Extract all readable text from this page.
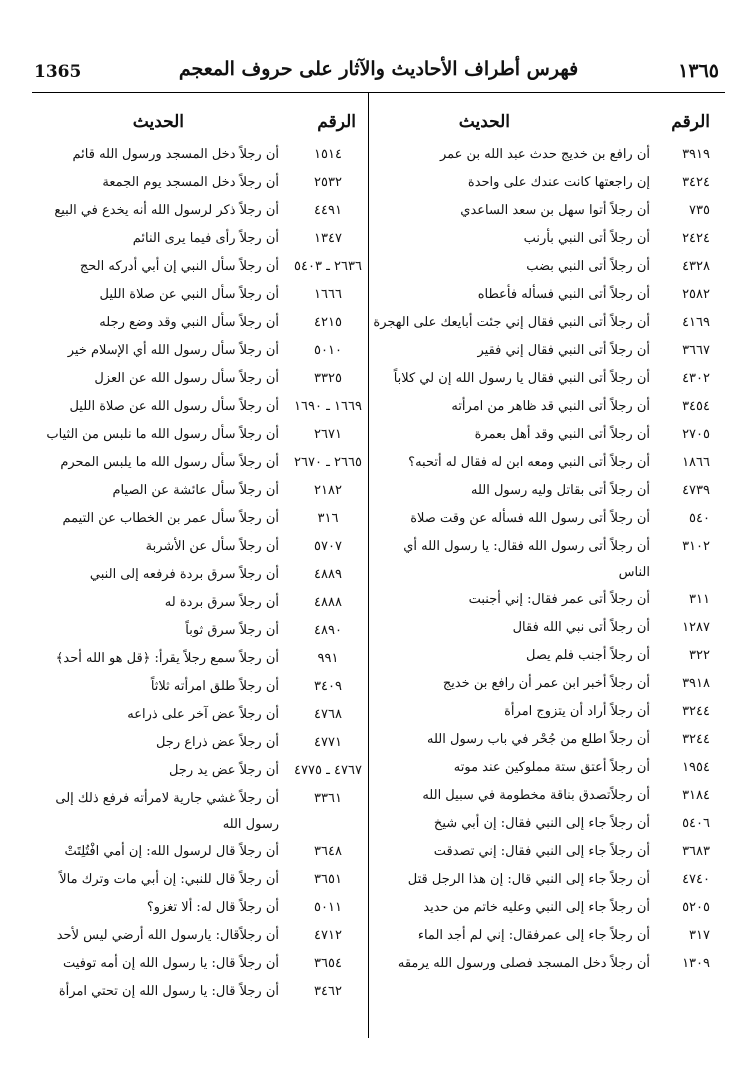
1365	فهرس أطراف الأحاديث والآثار على حروف المعجم	١٣٦٥
الرقم
الحديث
٣٩١٩
أن رافع بن خديج حدث عبد الله بن عمر
٣٤٢٤
إن راجعتها كانت عندك على واحدة
٧٣٥
أن رجلاً أتوا سهل بن سعد الساعدي
٢٤٢٤
أن رجلاً أتى النبي بأرنب
٤٣٢٨
أن رجلاً أتى النبي بضب
٢٥٨٢
أن رجلاً أتى النبي فسأله فأعطاه
٤١٦٩
أن رجلاً أتى النبي فقال إني جئت أبايعك على الهجرة
٣٦٦٧
أن رجلاً أتى النبي فقال إني فقير
٤٣٠٢
أن رجلاً أتى النبي فقال يا رسول الله إن لي كلاباً
٣٤٥٤
أن رجلاً أتى النبي قد ظاهر من امرأته
٢٧٠٥
أن رجلاً أتى النبي وقد أهل بعمرة
١٨٦٦
أن رجلاً أتى النبي ومعه ابن له فقال له أتحبه؟
٤٧٣٩
أن رجلاً أتى بقاتل وليه رسول الله
٥٤٠
أن رجلاً أتى رسول الله فسأله عن وقت صلاة
٣١٠٢
أن رجلاً أتى رسول الله فقال: يا رسول الله أي الناس
٣١١
أن رجلاً أتى عمر فقال: إني أجنبت
١٢٨٧
أن رجلاً أتى نبي الله فقال
٣٢٢
أن رجلاً أجنب فلم يصل
٣٩١٨
أن رجلاً أخبر ابن عمر أن رافع بن خديج
٣٢٤٤
أن رجلاً أراد أن يتزوج امرأة
٣٢٤٤
أن رجلاً اطلع من جُحْر في باب رسول الله
١٩٥٤
أن رجلاً أعتق ستة مملوكين عند موته
٣١٨٤
أن رجلاًتصدق بناقة مخطومة في سبيل الله
٥٤٠٦
أن رجلاً جاء إلى النبي فقال: إن أبي شيخ
٣٦٨٣
أن رجلاً جاء إلى النبي فقال: إني تصدقت
٤٧٤٠
أن رجلاً جاء إلى النبي قال: إن هذا الرجل قتل
٥٢٠٥
أن رجلاً جاء إلى النبي وعليه خاتم من حديد
٣١٧
أن رجلاً جاء إلى عمرفقال: إني لم أجد الماء
١٣٠٩
أن رجلاً دخل المسجد فصلى ورسول الله يرمقه
الرقم
الحديث
١٥١٤
أن رجلاً دخل المسجد ورسول الله قائم
٢٥٣٢
أن رجلاً دخل المسجد يوم الجمعة
٤٤٩١
أن رجلاً ذكر لرسول الله أنه يخدع في البيع
١٣٤٧
أن رجلاً رأى فيما يرى النائم
٢٦٣٦ ـ ٥٤٠٣
أن رجلاً سأل النبي إن أبي أدركه الحج
١٦٦٦
أن رجلاً سأل النبي عن صلاة الليل
٤٢١٥
أن رجلاً سأل النبي وقد وضع رجله
٥٠١٠
أن رجلاً سأل رسول الله أي الإسلام خير
٣٣٢٥
أن رجلاً سأل رسول الله عن العزل
١٦٦٩ ـ ١٦٩٠
أن رجلاً سأل رسول الله عن صلاة الليل
٢٦٧١
أن رجلاً سأل رسول الله ما نلبس من الثياب
٢٦٦٥ ـ ٢٦٧٠
أن رجلاً سأل رسول الله ما يلبس المحرم
٢١٨٢
أن رجلاً سأل عائشة عن الصيام
٣١٦
أن رجلاً سأل عمر بن الخطاب عن التيمم
٥٧٠٧
أن رجلاً سأل عن الأشربة
٤٨٨٩
أن رجلاً سرق بردة فرفعه إلى النبي
٤٨٨٨
أن رجلاً سرق بردة له
٤٨٩٠
أن رجلاً سرق ثوباً
٩٩١
أن رجلاً سمع رجلاً يقرأ: ﴿قل هو الله أحد﴾
٣٤٠٩
أن رجلاً طلق امرأته ثلاثاً
٤٧٦٨
أن رجلاً عض آخر على ذراعه
٤٧٧١
أن رجلاً عض ذراع رجل
٤٧٦٧ ـ ٤٧٧٥
أن رجلاً عض يد رجل
٣٣٦١
أن رجلاً غشي جارية لامرأته فرفع ذلك إلى رسول الله
٣٦٤٨
أن رجلاً قال لرسول الله: إن أمي افْتُلِتَتْ
٣٦٥١
أن رجلاً قال للنبي: إن أبي مات وترك مالاً
٥٠١١
أن رجلاً قال له: ألا تغزو؟
٤٧١٢
أن رجلاًقال: يارسول الله أرضي ليس لأحد
٣٦٥٤
أن رجلاً قال: يا رسول الله إن أمه توفيت
٣٤٦٢
أن رجلاً قال: يا رسول الله إن تحتي امرأة
